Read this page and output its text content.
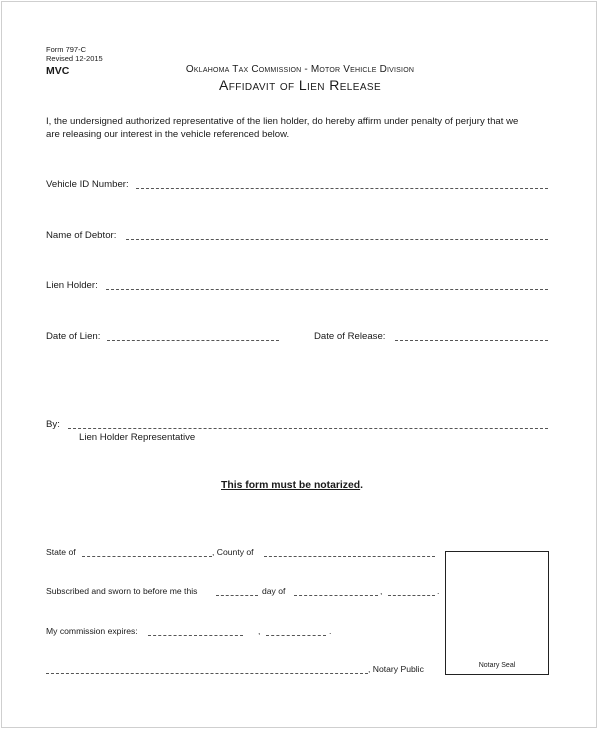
Form 797-C
Revised 12-2015
MVC	Oklahoma Tax Commission - Motor Vehicle Division
Affidavit of Lien Release
I, the undersigned authorized representative of the lien holder, do hereby affirm under penalty of perjury that we
are releasing our interest in the vehicle referenced below.
Vehicle ID Number:
Name of Debtor:
Lien Holder:
Date of Lien:	Date of Release:
By:
Lien Holder Representative
This form must be notarized.
State of	, County of
Subscribed and sworn to before me this	day of	,	.
My commission expires:	,	.
, Notary Public	Notary Seal
